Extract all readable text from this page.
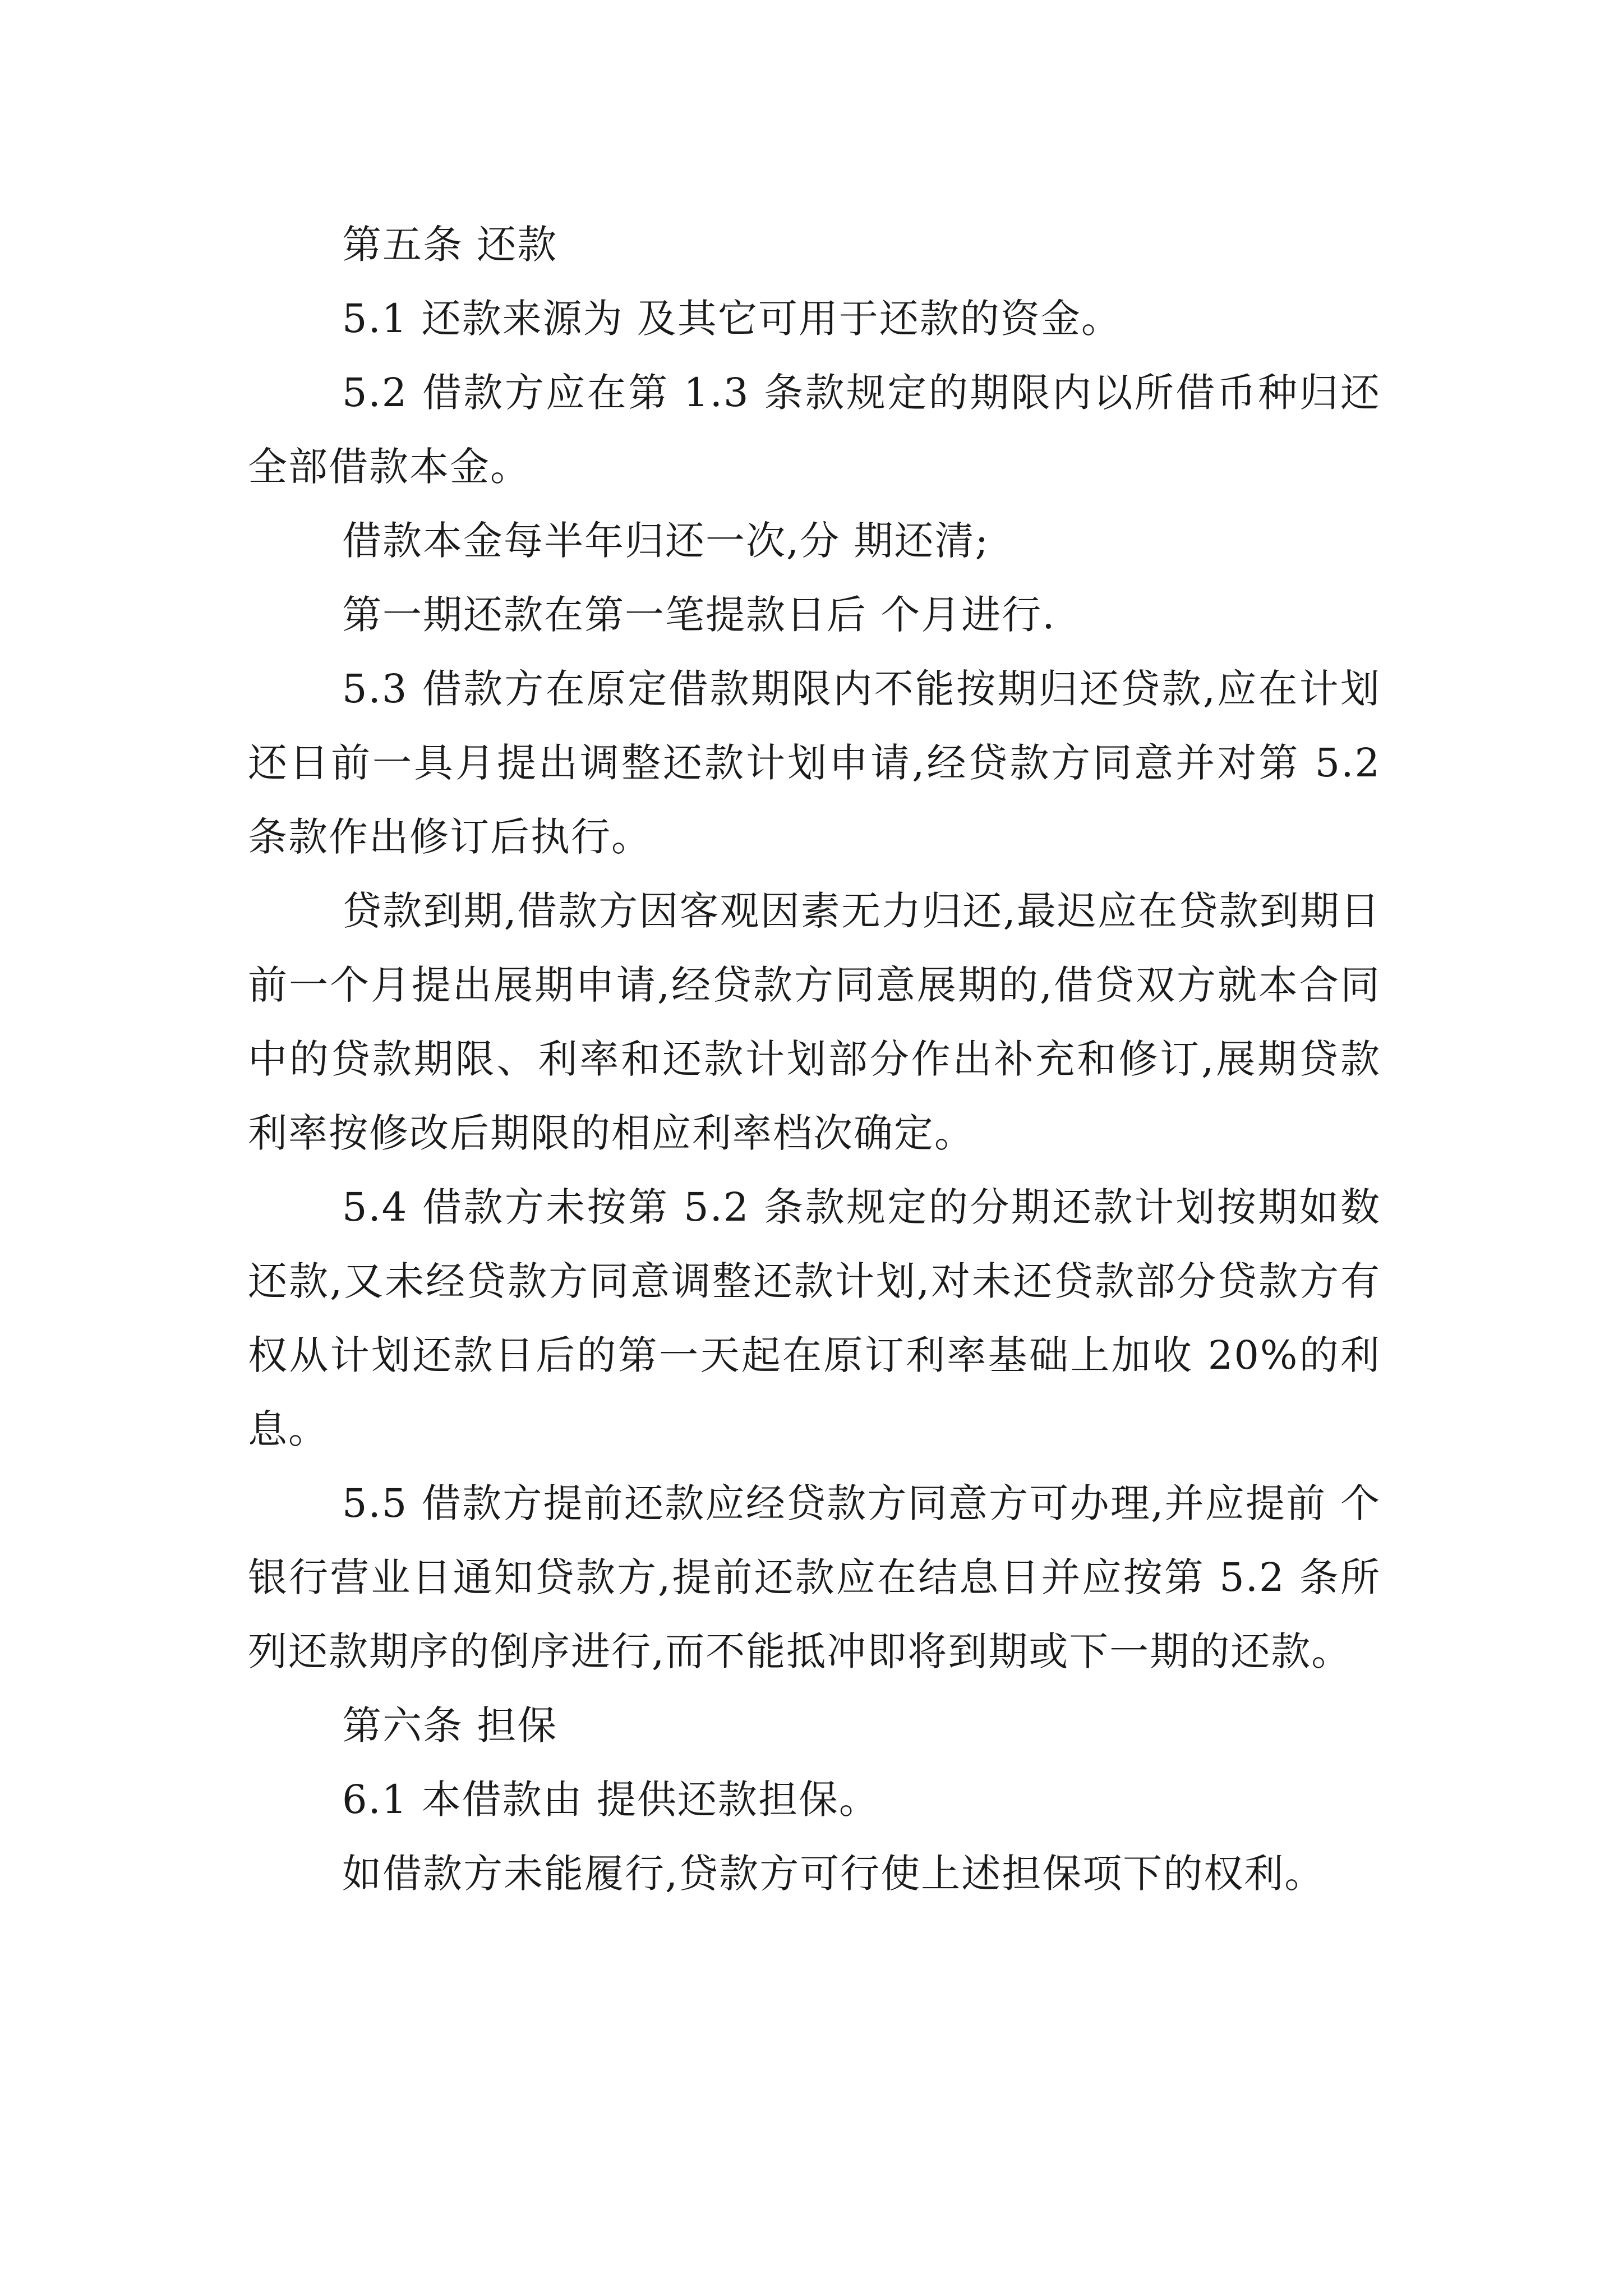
第五条 还款

5.1 还款来源为 及其它可用于还款的资金。

5.2 借款方应在第 1.3 条款规定的期限内以所借币种归还全部借款本金。

借款本金每半年归还一次,分 期还清;

第一期还款在第一笔提款日后 个月进行.

5.3 借款方在原定借款期限内不能按期归还贷款,应在计划还日前一具月提出调整还款计划申请,经贷款方同意并对第 5.2 条款作出修订后执行。

贷款到期,借款方因客观因素无力归还,最迟应在贷款到期日前一个月提出展期申请,经贷款方同意展期的,借贷双方就本合同中的贷款期限、利率和还款计划部分作出补充和修订,展期贷款利率按修改后期限的相应利率档次确定。

5.4 借款方未按第 5.2 条款规定的分期还款计划按期如数还款,又未经贷款方同意调整还款计划,对未还贷款部分贷款方有权从计划还款日后的第一天起在原订利率基础上加收 20%的利息。

5.5 借款方提前还款应经贷款方同意方可办理,并应提前 个银行营业日通知贷款方,提前还款应在结息日并应按第 5.2 条所列还款期序的倒序进行,而不能抵冲即将到期或下一期的还款。

第六条 担保

6.1 本借款由 提供还款担保。

如借款方未能履行,贷款方可行使上述担保项下的权利。
